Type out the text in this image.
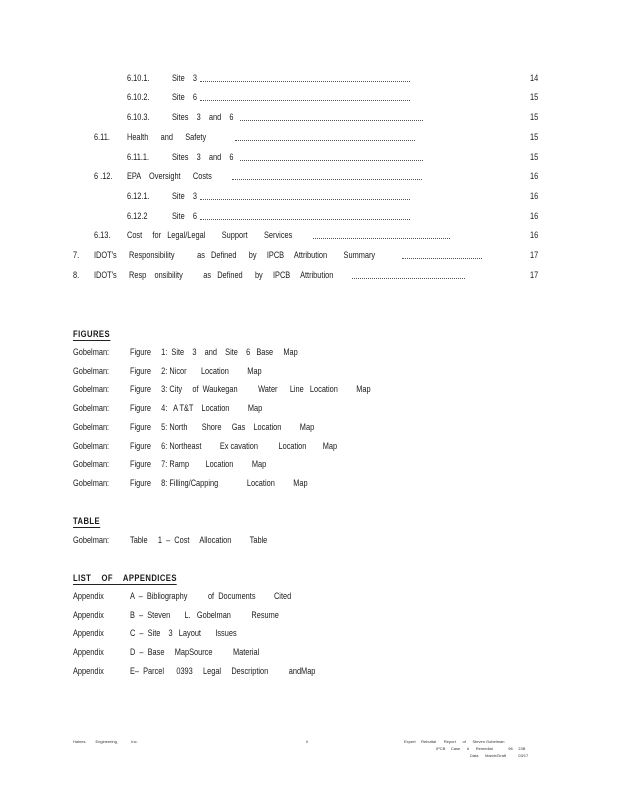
6.10.1. Site    3	14
6.10.2. Site    6	15
6.10.3. Sites    3    and    6	15
6.11. Health      and      Safety	15
6.11.1.	Sites    3    and    6	15
6 .12. EPA    Oversight      Costs	16
6.12.1. Site    3	16
6.12.2	Site    6	16
6.13. Cost     for   Legal/Legal        Support        Services	16
7. IDOT's      Responsibility           as   Defined      by     IPCB     Attribution        Summary	17
8. IDOT's      Resp    onsibility          as   Defined      by     IPCB     Attribution	17
FIGURES
Gobelman: Figure     1:  Site    3    and    Site    6   Base     Map
Gobelman: Figure     2: Nicor       Location         Map
Gobelman: Figure     3: City     of  Waukegan          Water      Line   Location         Map
Gobelman: Figure     4:   A T&T    Location         Map
Gobelman: Figure     5: North       Shore     Gas    Location         Map
Gobelman: Figure     6: Northeast         Ex cavation          Location        Map
Gobelman: Figure     7: Ramp        Location         Map
Gobelman: Figure     8: Filling/Capping              Location         Map
TABLE
Gobelman: Table     1  –  Cost     Allocation         Table
LIST    OF    APPENDICES
Appendix	A  –  Bibliography          of  Documents         Cited
Appendix	B  –  Steven       L.   Gobelman          Resume
Appendix	C  –  Site    3   Layout       Issues
Appendix	D  –  Base     MapSource          Material
Appendix	E–  Parcel      0393     Legal     Description          andMap
Haines         Engineering,            Inc.	ii	Expert     Rebuttal       Report      of      Steven Gobelman
IPCB     Case      #      Remedial              96     23B
Data      March/Draft           03/17
